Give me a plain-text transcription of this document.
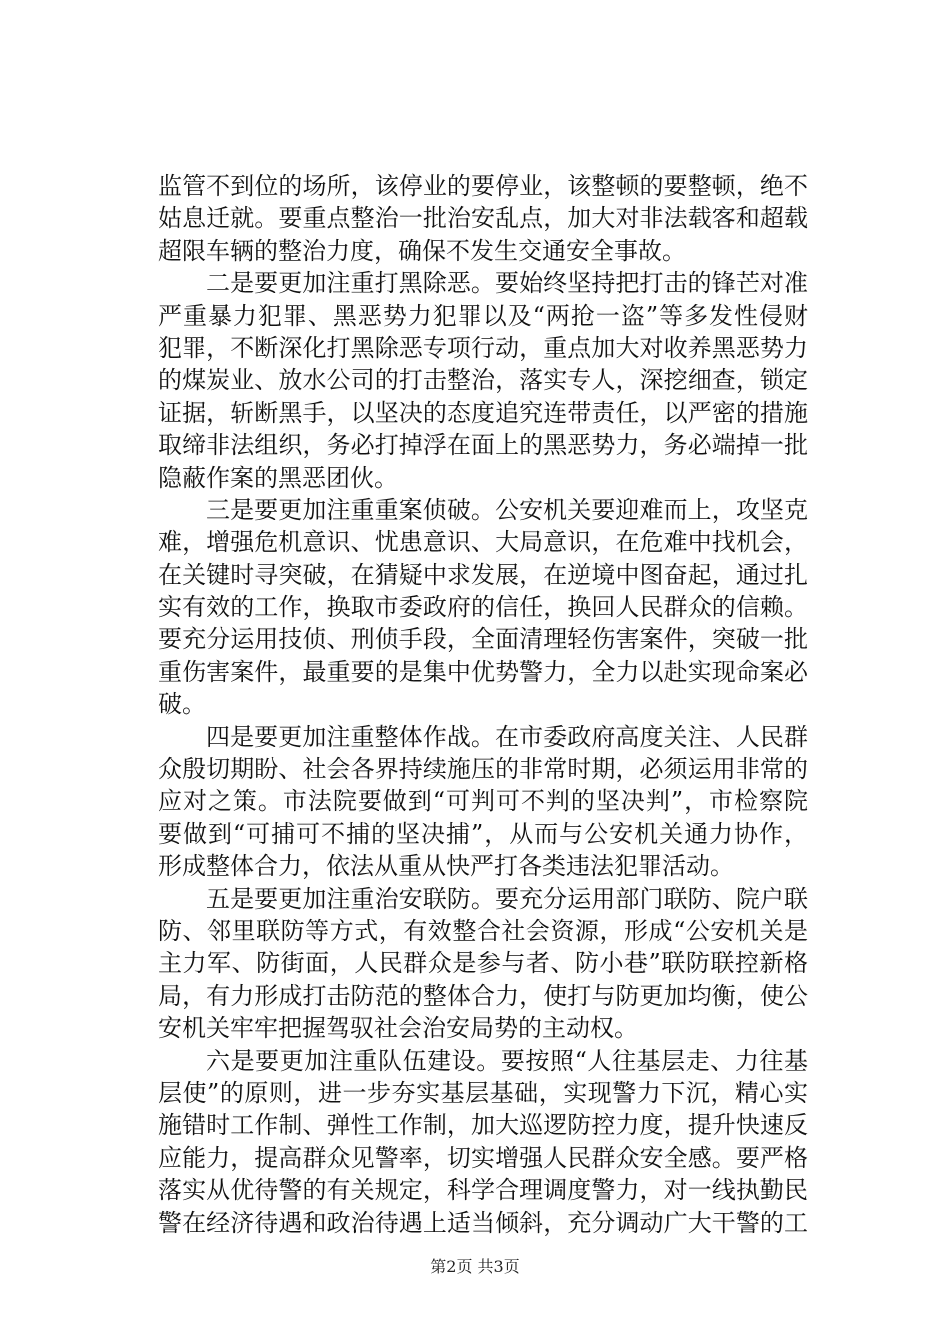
监管不到位的场所，该停业的要停业，该整顿的要整顿，绝不
姑息迁就。要重点整治一批治安乱点，加大对非法载客和超载
超限车辆的整治力度，确保不发生交通安全事故。
二是要更加注重打黑除恶。要始终坚持把打击的锋芒对准
严重暴力犯罪、黑恶势力犯罪以及“两抢一盗”等多发性侵财
犯罪，不断深化打黑除恶专项行动，重点加大对收养黑恶势力
的煤炭业、放水公司的打击整治，落实专人，深挖细查，锁定
证据，斩断黑手，以坚决的态度追究连带责任，以严密的措施
取缔非法组织，务必打掉浮在面上的黑恶势力，务必端掉一批
隐蔽作案的黑恶团伙。
三是要更加注重重案侦破。公安机关要迎难而上，攻坚克
难，增强危机意识、忧患意识、大局意识，在危难中找机会，
在关键时寻突破，在猜疑中求发展，在逆境中图奋起，通过扎
实有效的工作，换取市委政府的信任，换回人民群众的信赖。
要充分运用技侦、刑侦手段，全面清理轻伤害案件，突破一批
重伤害案件，最重要的是集中优势警力，全力以赴实现命案必
破。
四是要更加注重整体作战。在市委政府高度关注、人民群
众殷切期盼、社会各界持续施压的非常时期，必须运用非常的
应对之策。市法院要做到“可判可不判的坚决判”，市检察院
要做到“可捕可不捕的坚决捕”，从而与公安机关通力协作，
形成整体合力，依法从重从快严打各类违法犯罪活动。
五是要更加注重治安联防。要充分运用部门联防、院户联
防、邻里联防等方式，有效整合社会资源，形成“公安机关是
主力军、防街面，人民群众是参与者、防小巷”联防联控新格
局，有力形成打击防范的整体合力，使打与防更加均衡，使公
安机关牢牢把握驾驭社会治安局势的主动权。
六是要更加注重队伍建设。要按照“人往基层走、力往基
层使”的原则，进一步夯实基层基础，实现警力下沉，精心实
施错时工作制、弹性工作制，加大巡逻防控力度，提升快速反
应能力，提高群众见警率，切实增强人民群众安全感。要严格
落实从优待警的有关规定，科学合理调度警力，对一线执勤民
警在经济待遇和政治待遇上适当倾斜，充分调动广大干警的工
第2页 共3页
